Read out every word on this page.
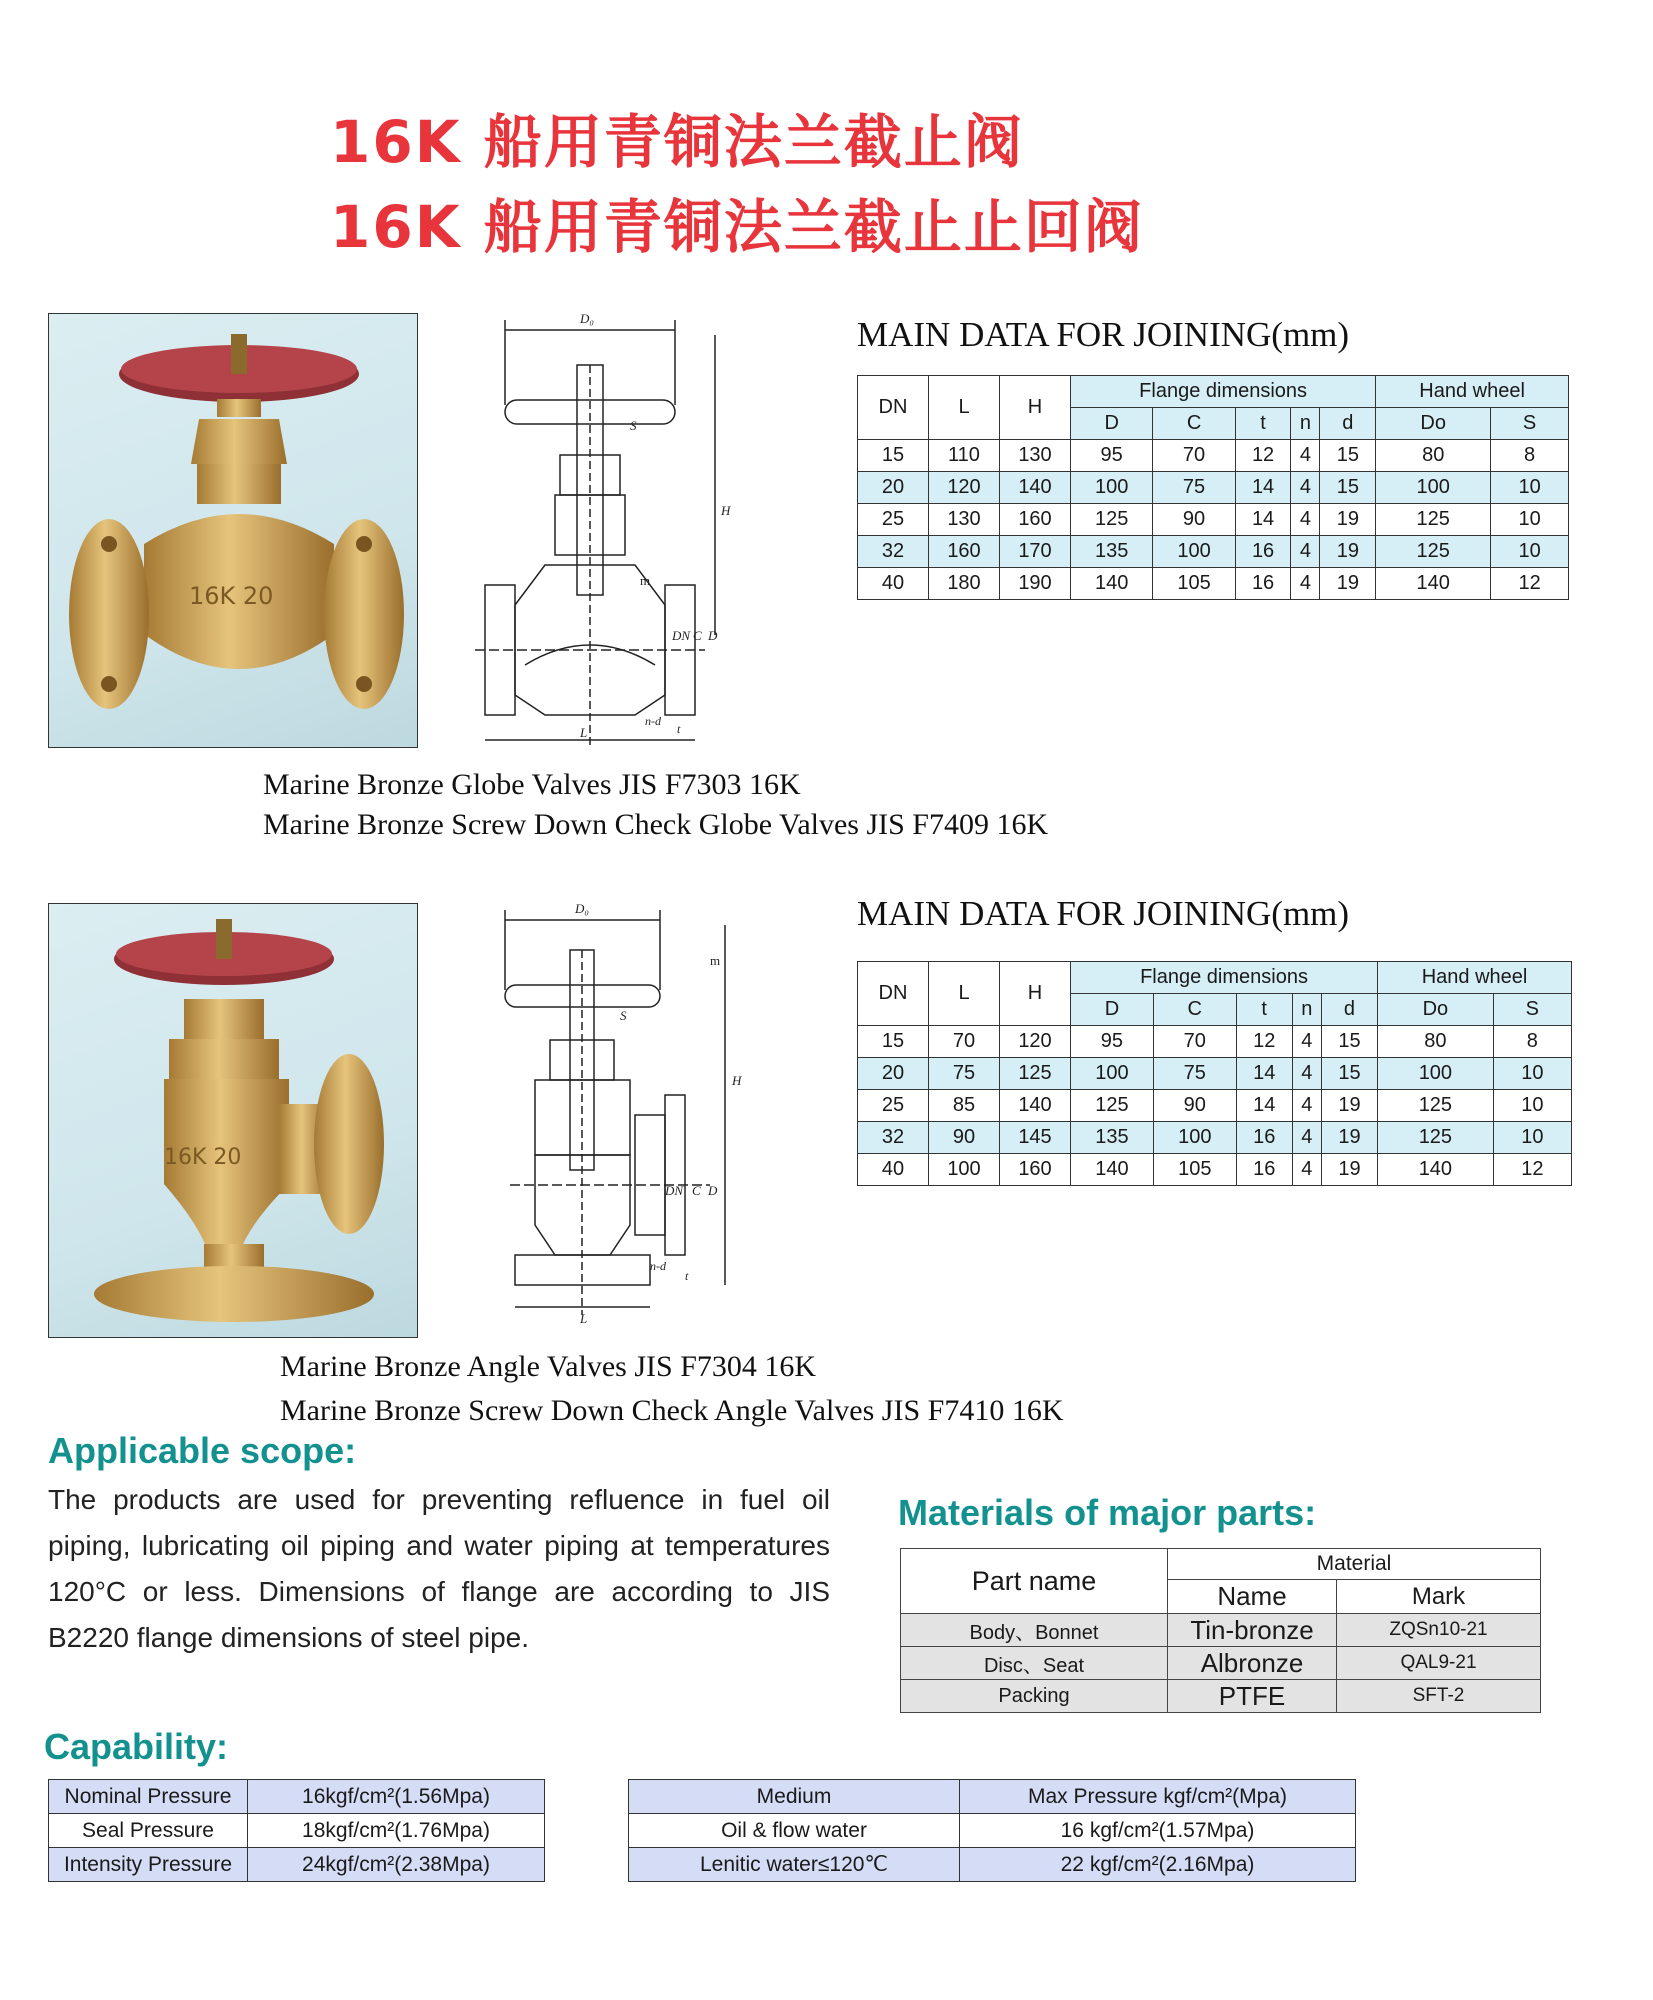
16K 船用青铜法兰截止阀
16K 船用青铜法兰截止止回阀
16K 20
D₀
H
S
m
DN C D
n-d
t
L
MAIN DATA FOR JOINING(mm)
DN	L	H	Flange dimensions					Hand wheel	
			D	C	t	n	d	Do	S
15	110	130	95	70	12	4	15	80	8
20	120	140	100	75	14	4	15	100	10
25	130	160	125	90	14	4	19	125	10
32	160	170	135	100	16	4	19	125	10
40	180	190	140	105	16	4	19	140	12
Marine Bronze Globe Valves JIS F7303 16K
Marine Bronze Screw Down Check Globe Valves JIS F7409 16K
16K 20
D₀
H
S
m
DN C D
n-d
t
L
MAIN DATA FOR JOINING(mm)
DN	L	H	Flange dimensions					Hand wheel	
			D	C	t	n	d	Do	S
15	70	120	95	70	12	4	15	80	8
20	75	125	100	75	14	4	15	100	10
25	85	140	125	90	14	4	19	125	10
32	90	145	135	100	16	4	19	125	10
40	100	160	140	105	16	4	19	140	12
Marine Bronze Angle Valves JIS F7304 16K
Marine Bronze Screw Down Check Angle Valves JIS F7410 16K
Applicable scope:
The products are used for preventing refluence in fuel oil piping, lubricating oil piping and water piping at temperatures 120°C or less. Dimensions of flange are according to JIS B2220 flange dimensions of steel pipe.
Materials of major parts:
Part name	Material	
	Name	Mark
Body、Bonnet	Tin-bronze	ZQSn10-21
Disc、Seat	Albronze	QAL9-21
Packing	PTFE	SFT-2
Capability:
Nominal Pressure	16kgf/cm²(1.56Mpa)
Seal Pressure	18kgf/cm²(1.76Mpa)
Intensity Pressure	24kgf/cm²(2.38Mpa)
Medium	Max Pressure kgf/cm²(Mpa)
Oil & flow water	16 kgf/cm²(1.57Mpa)
Lenitic water≤120℃	22 kgf/cm²(2.16Mpa)
